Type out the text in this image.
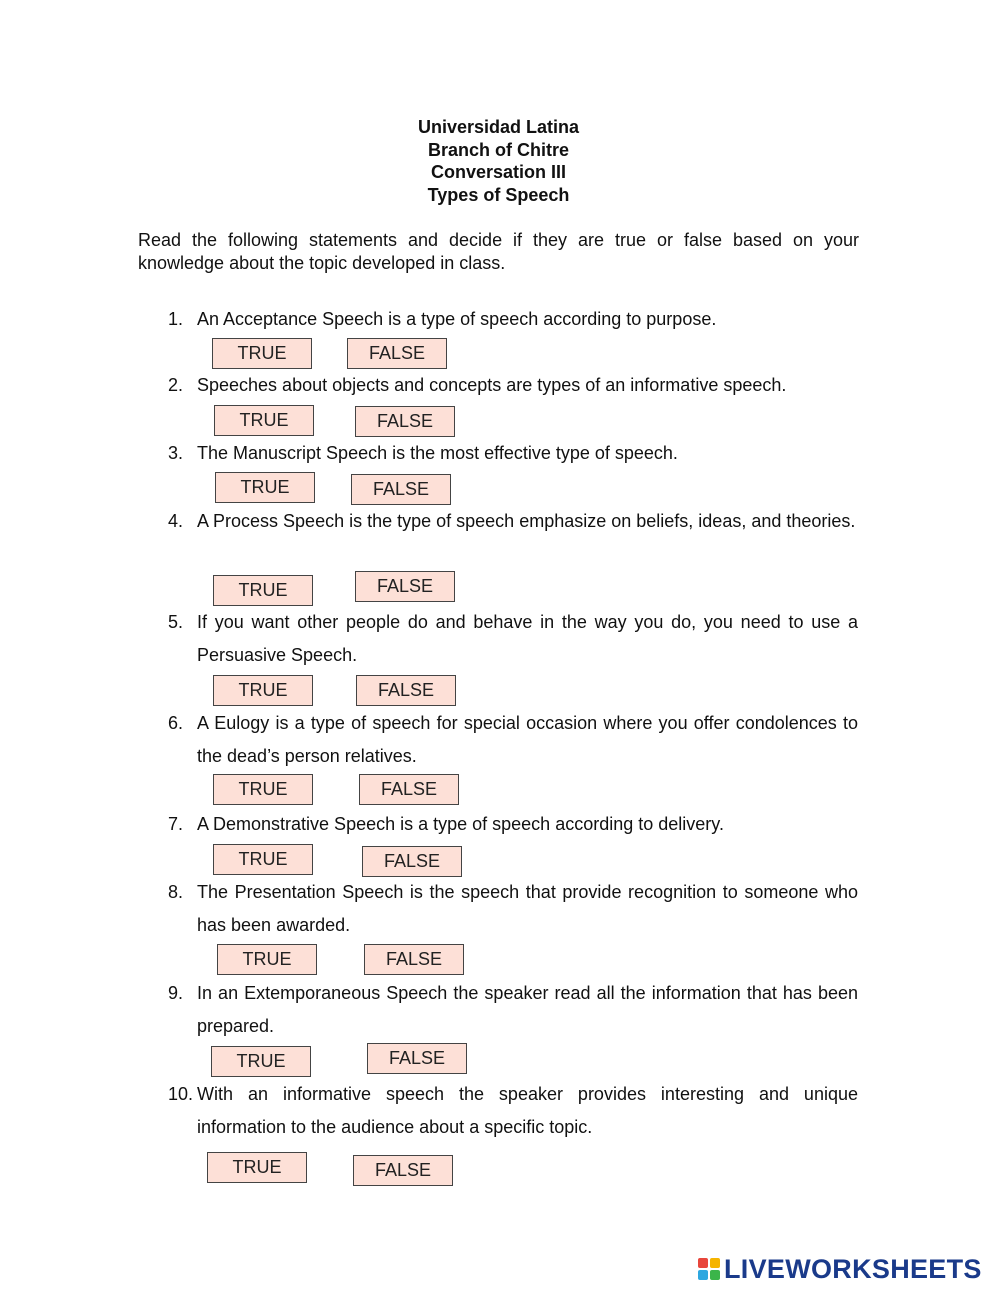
Universidad Latina
Branch of Chitre
Conversation III
Types of Speech
Read the following statements and decide if they are true or false based on your knowledge about the topic developed in class.
1. An Acceptance Speech is a type of speech according to purpose.
TRUE	FALSE
2. Speeches about objects and concepts are types of an informative speech.
TRUE	FALSE
3. The Manuscript Speech is the most effective type of speech.
TRUE	FALSE
4. A Process Speech is the type of speech emphasize on beliefs, ideas, and theories.
TRUE	FALSE
5. If you want other people do and behave in the way you do, you need to use a Persuasive Speech.
TRUE	FALSE
6. A Eulogy is a type of speech for special occasion where you offer condolences to the dead’s person relatives.
TRUE	FALSE
7. A Demonstrative Speech is a type of speech according to delivery.
TRUE	FALSE
8. The Presentation Speech is the speech that provide recognition to someone who has been awarded.
TRUE	FALSE
9. In an Extemporaneous Speech the speaker read all the information that has been prepared.
TRUE	FALSE
10. With an informative speech the speaker provides interesting and unique information to the audience about a specific topic.
TRUE	FALSE
LIVEWORKSHEETS
